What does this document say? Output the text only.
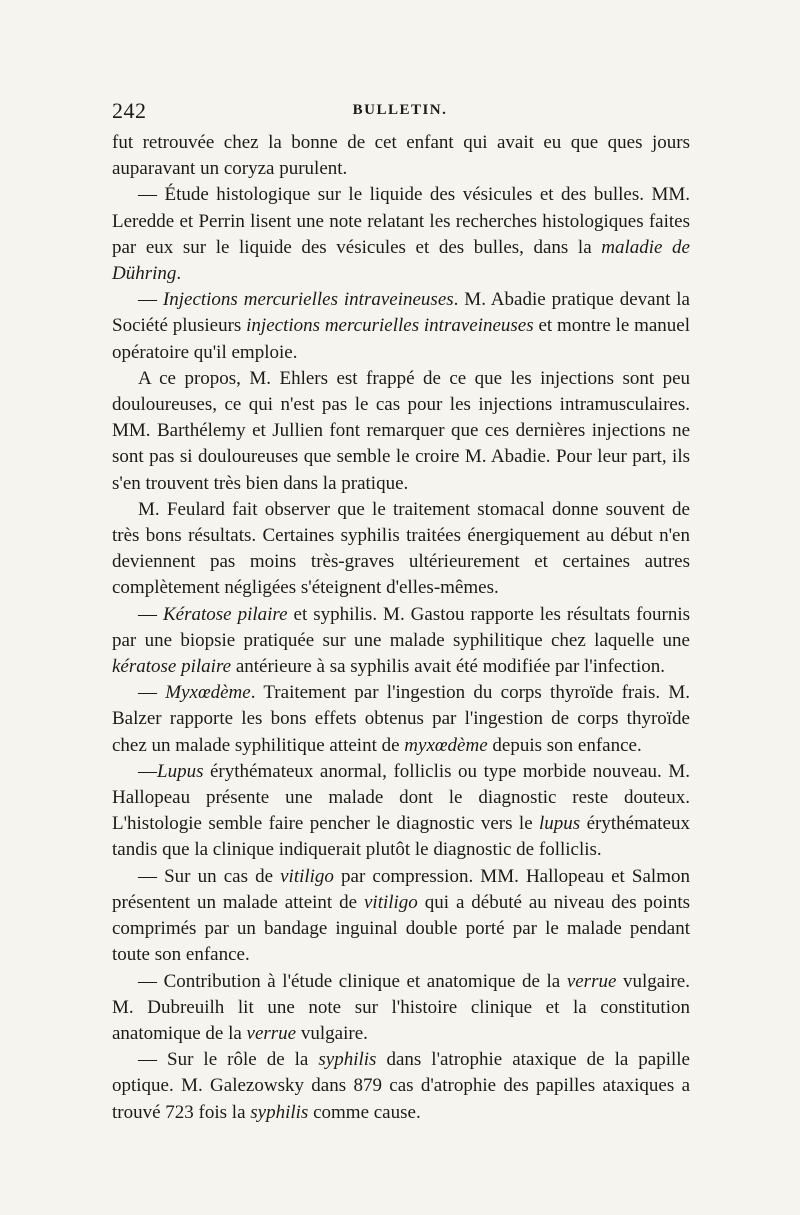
242	BULLETIN.

fut retrouvée chez la bonne de cet enfant qui avait eu que ques jours auparavant un coryza purulent.

— Étude histologique sur le liquide des vésicules et des bulles. MM. Leredde et Perrin lisent une note relatant les recherches histologiques faites par eux sur le liquide des vésicules et des bulles, dans la maladie de Dühring.

— Injections mercurielles intraveineuses. M. Abadie pratique devant la Société plusieurs injections mercurielles intraveineuses et montre le manuel opératoire qu'il emploie.

A ce propos, M. Ehlers est frappé de ce que les injections sont peu douloureuses, ce qui n'est pas le cas pour les injections intramusculaires. MM. Barthélemy et Jullien font remarquer que ces dernières injections ne sont pas si douloureuses que semble le croire M. Abadie. Pour leur part, ils s'en trouvent très bien dans la pratique.

M. Feulard fait observer que le traitement stomacal donne souvent de très bons résultats. Certaines syphilis traitées énergiquement au début n'en deviennent pas moins très-graves ultérieurement et certaines autres complètement négligées s'éteignent d'elles-mêmes.

— Kératose pilaire et syphilis. M. Gastou rapporte les résultats fournis par une biopsie pratiquée sur une malade syphilitique chez laquelle une kératose pilaire antérieure à sa syphilis avait été modifiée par l'infection.

— Myxœdème. Traitement par l'ingestion du corps thyroïde frais. M. Balzer rapporte les bons effets obtenus par l'ingestion de corps thyroïde chez un malade syphilitique atteint de myxœdème depuis son enfance.

—Lupus érythémateux anormal, folliclis ou type morbide nouveau. M. Hallopeau présente une malade dont le diagnostic reste douteux. L'histologie semble faire pencher le diagnostic vers le lupus érythémateux tandis que la clinique indiquerait plutôt le diagnostic de folliclis.

— Sur un cas de vitiligo par compression. MM. Hallopeau et Salmon présentent un malade atteint de vitiligo qui a débuté au niveau des points comprimés par un bandage inguinal double porté par le malade pendant toute son enfance.

— Contribution à l'étude clinique et anatomique de la verrue vulgaire. M. Dubreuilh lit une note sur l'histoire clinique et la constitution anatomique de la verrue vulgaire.

— Sur le rôle de la syphilis dans l'atrophie ataxique de la papille optique. M. Galezowsky dans 879 cas d'atrophie des papilles ataxiques a trouvé 723 fois la syphilis comme cause.
